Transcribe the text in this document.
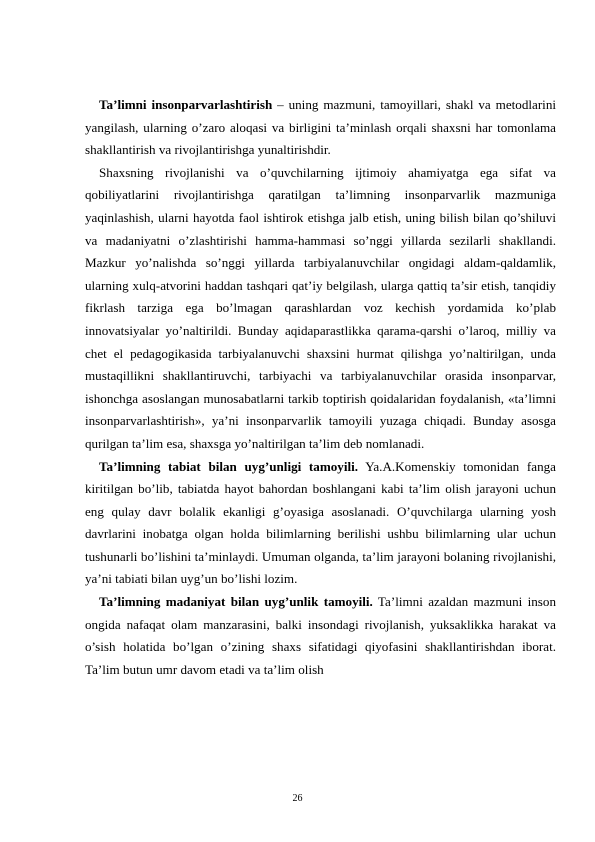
Ta’limni insonparvarlashtirish – uning mazmuni, tamoyillari, shakl va metodlarini yangilash, ularning o’zaro aloqasi va birligini ta’minlash orqali shaxsni har tomonlama shakllantirish va rivojlantirishga yunaltirishdir.

Shaxsning rivojlanishi va o’quvchilarning ijtimoiy ahamiyatga ega sifat va qobiliyatlarini rivojlantirishga qaratilgan ta’limning insonparvarlik mazmuniga yaqinlashish, ularni hayotda faol ishtirok etishga jalb etish, uning bilish bilan qo’shiluvi va madaniyatni o’zlashtirishi hamma-hammasi so’nggi yillarda sezilarli shakllandi. Mazkur yo’nalishda so’nggi yillarda tarbiyalanuvchilar ongidagi aldam-qaldamlik, ularning xulq-atvorini haddan tashqari qat’iy belgilash, ularga qattiq ta’sir etish, tanqidiy fikrlash tarziga ega bo’lmagan qarashlardan voz kechish yordamida ko’plab innovatsiyalar yo’naltirildi. Bunday aqidaparastlikka qarama-qarshi o’laroq, milliy va chet el pedagogikasida tarbiyalanuvchi shaxsini hurmat qilishga yo’naltirilgan, unda mustaqillikni shakllantiruvchi, tarbiyachi va tarbiyalanuvchilar orasida insonparvar, ishonchga asoslangan munosabatlarni tarkib toptirish qoidalaridan foydalanish, «ta’limni insonparvarlashtirish», ya’ni insonparvarlik tamoyili yuzaga chiqadi. Bunday asosga qurilgan ta’lim esa, shaxsga yo’naltirilgan ta’lim deb nomlanadi.

Ta’limning tabiat bilan uyg’unligi tamoyili. Ya.A.Komenskiy tomonidan fanga kiritilgan bo’lib, tabiatda hayot bahordan boshlangani kabi ta’lim olish jarayoni uchun eng qulay davr bolalik ekanligi g’oyasiga asoslanadi. O’quvchilarga ularning yosh davrlarini inobatga olgan holda bilimlarning berilishi ushbu bilimlarning ular uchun tushunarli bo’lishini ta’minlaydi. Umuman olganda, ta’lim jarayoni bolaning rivojlanishi, ya’ni tabiati bilan uyg’un bo’lishi lozim.

Ta’limning madaniyat bilan uyg’unlik tamoyili. Ta’limni azaldan mazmuni inson ongida nafaqat olam manzarasini, balki insondagi rivojlanish, yuksaklikka harakat va o’sish holatida bo’lgan o’zining shaxs sifatidagi qiyofasini shakllantirishdan iborat. Ta’lim butun umr davom etadi va ta’lim olish

26
